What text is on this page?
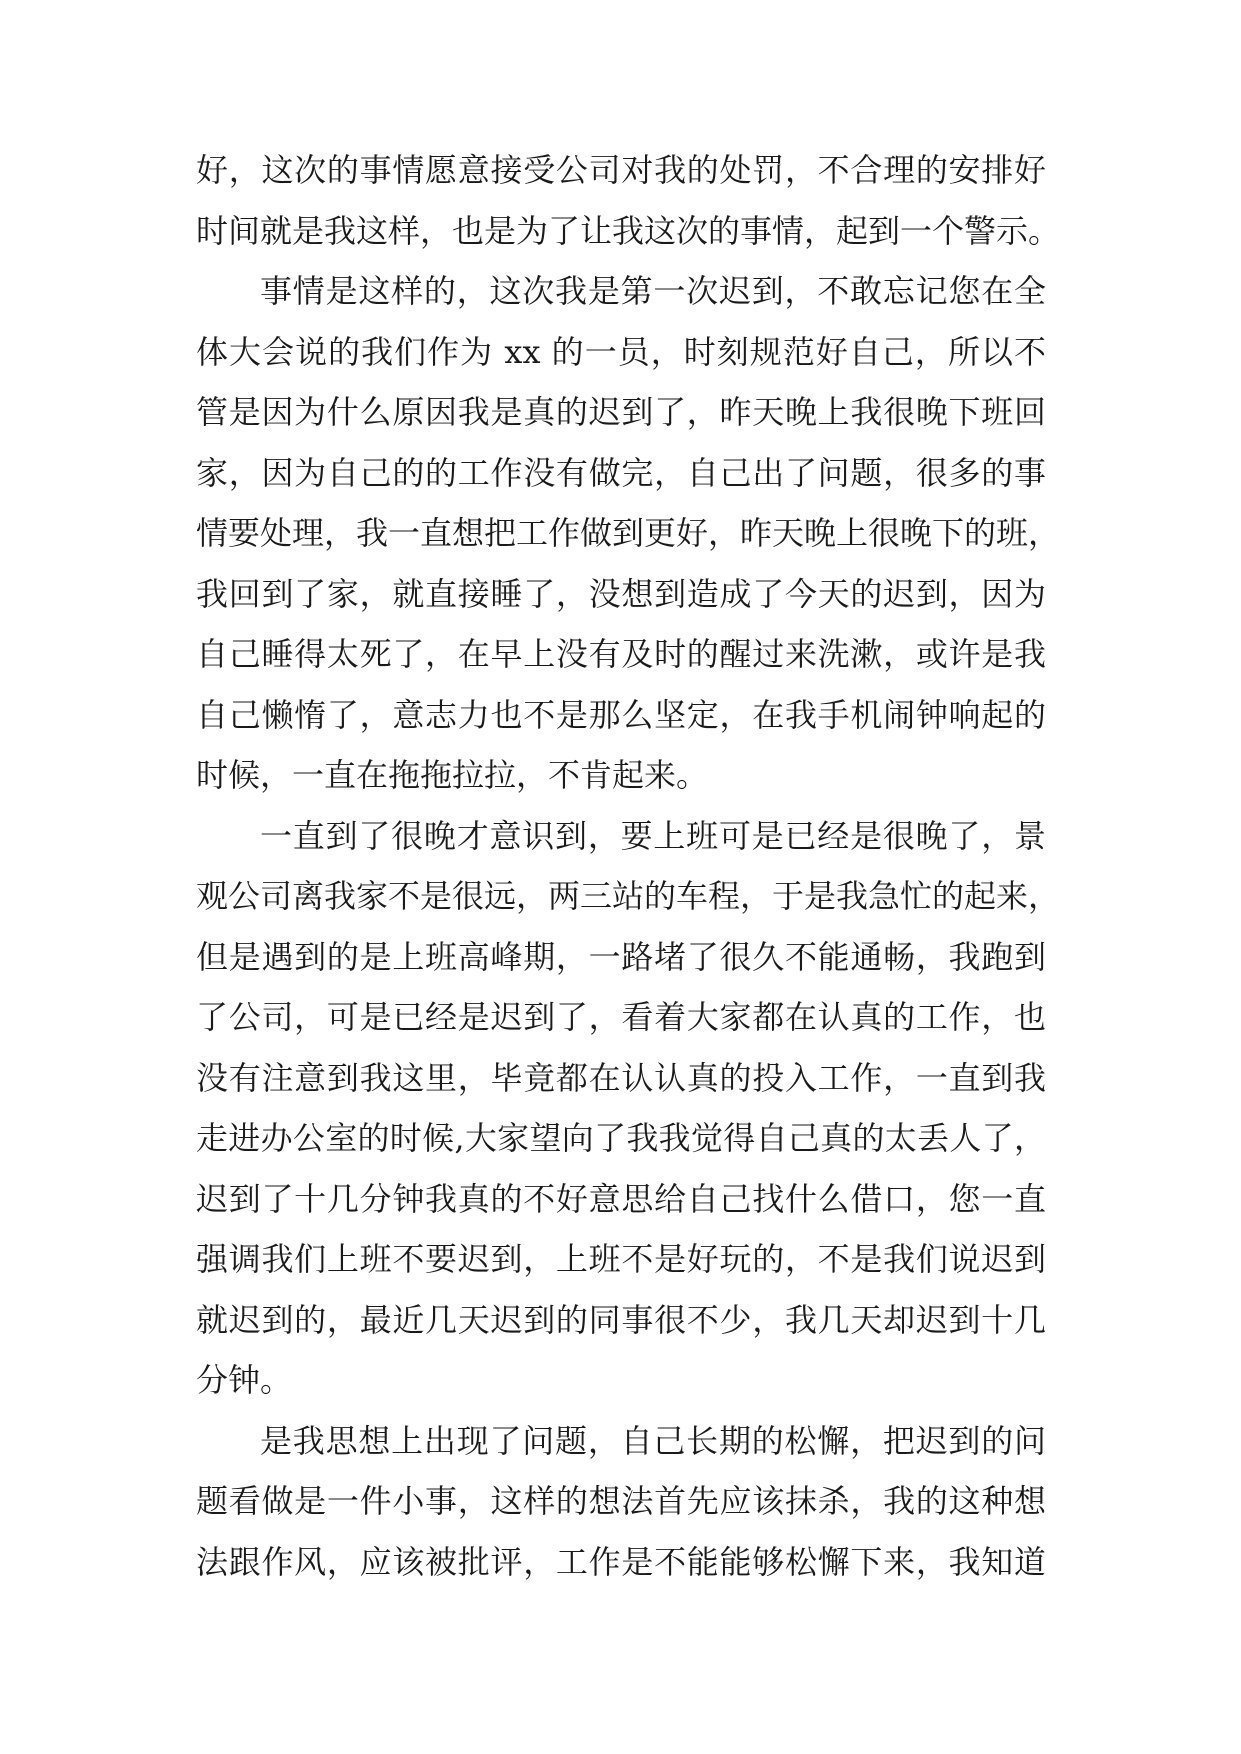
好，这次的事情愿意接受公司对我的处罚，不合理的安排好
时间就是我这样，也是为了让我这次的事情，起到一个警示。
事情是这样的，这次我是第一次迟到，不敢忘记您在全
体大会说的我们作为 xx 的一员，时刻规范好自己，所以不
管是因为什么原因我是真的迟到了，昨天晚上我很晚下班回
家，因为自己的的工作没有做完，自己出了问题，很多的事
情要处理，我一直想把工作做到更好，昨天晚上很晚下的班，
我回到了家，就直接睡了，没想到造成了今天的迟到，因为
自己睡得太死了，在早上没有及时的醒过来洗漱，或许是我
自己懒惰了，意志力也不是那么坚定，在我手机闹钟响起的
时候，一直在拖拖拉拉，不肯起来。
一直到了很晚才意识到，要上班可是已经是很晚了，景
观公司离我家不是很远，两三站的车程，于是我急忙的起来，
但是遇到的是上班高峰期，一路堵了很久不能通畅，我跑到
了公司，可是已经是迟到了，看着大家都在认真的工作，也
没有注意到我这里，毕竟都在认认真的投入工作，一直到我
走进办公室的时候,大家望向了我我觉得自己真的太丢人了，
迟到了十几分钟我真的不好意思给自己找什么借口，您一直
强调我们上班不要迟到，上班不是好玩的，不是我们说迟到
就迟到的，最近几天迟到的同事很不少，我几天却迟到十几
分钟。
是我思想上出现了问题，自己长期的松懈，把迟到的问
题看做是一件小事，这样的想法首先应该抹杀，我的这种想
法跟作风，应该被批评，工作是不能能够松懈下来，我知道
